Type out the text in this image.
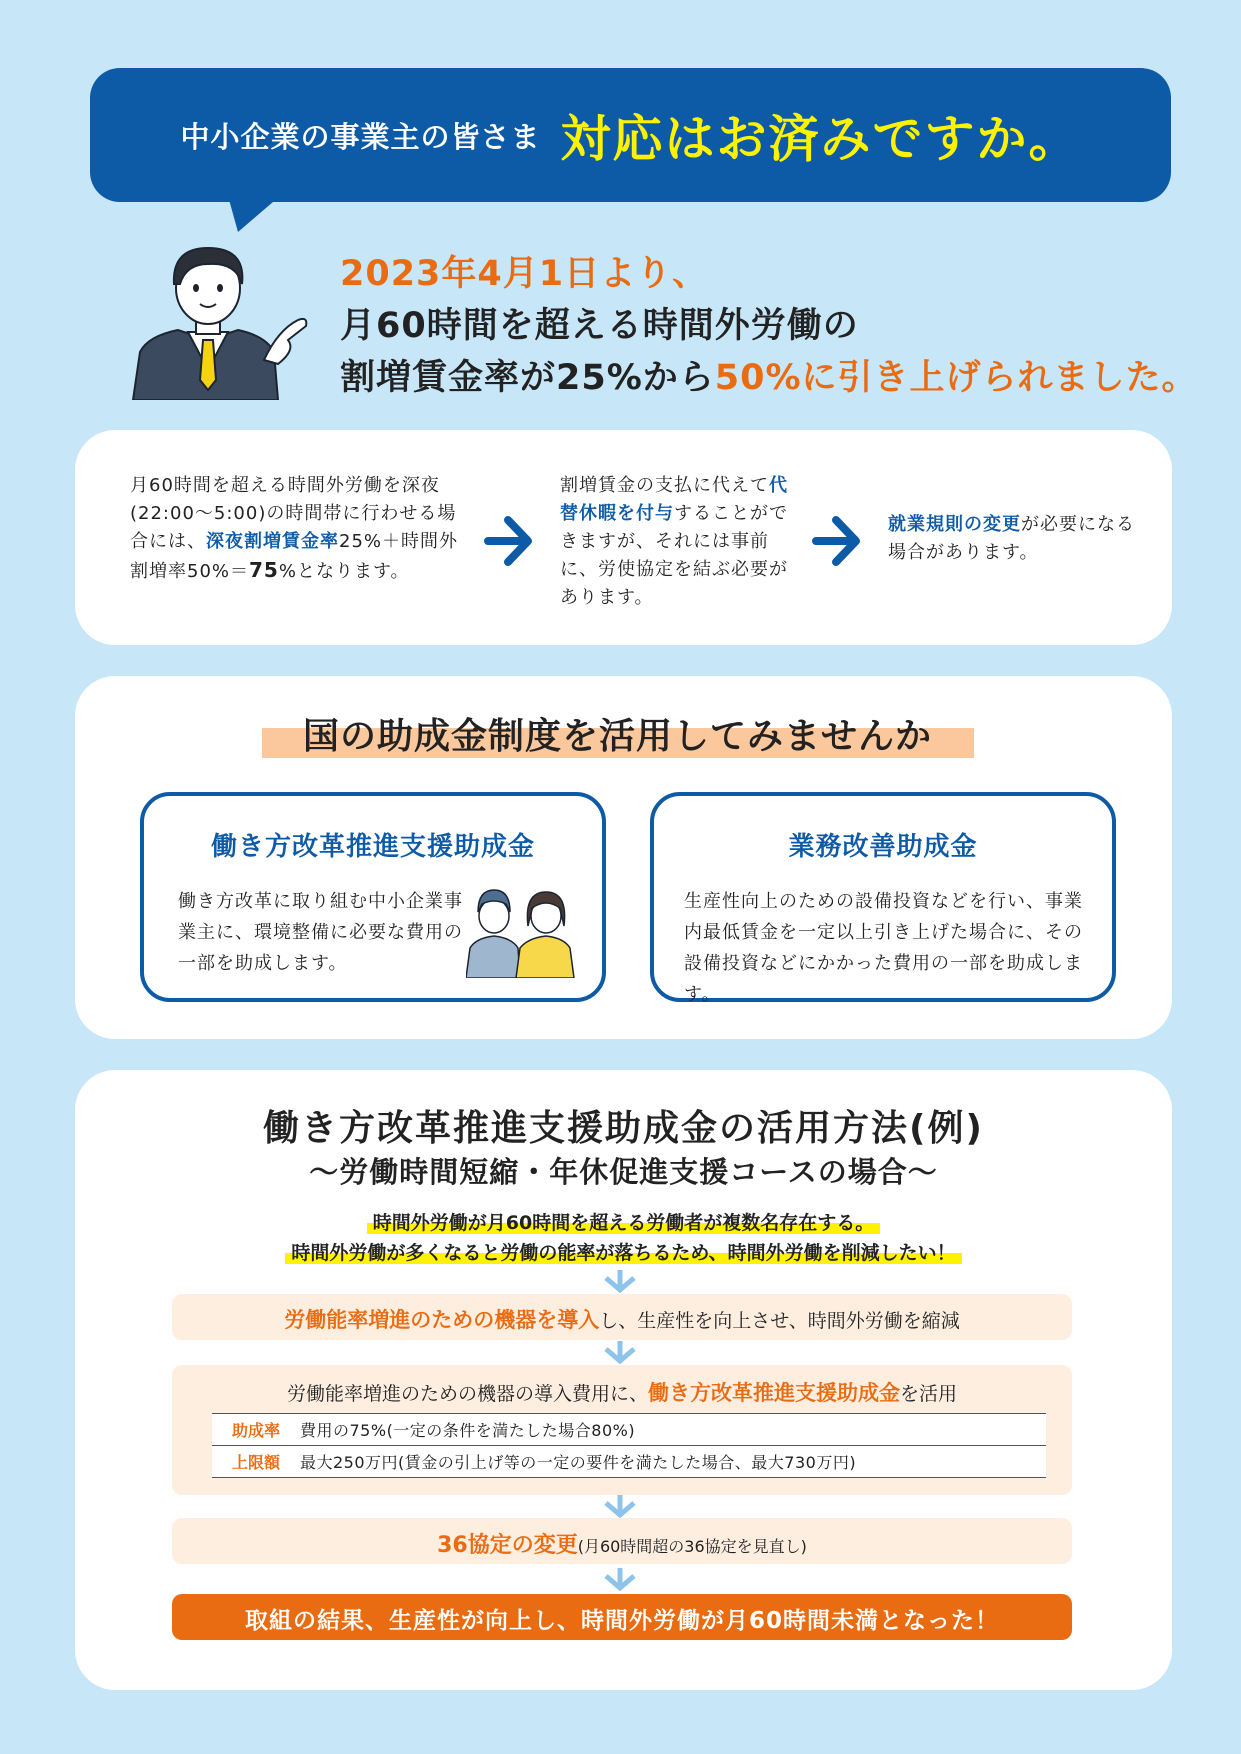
中小企業の事業主の皆さま 対応はお済みですか。
2023年4月1日より、
月60時間を超える時間外労働の
割増賃金率が25%から50%に引き上げられました。
月60時間を超える時間外労働を深夜(22:00〜5:00)の時間帯に行わせる場合には、深夜割増賃金率25%＋時間外割増率50%＝75%となります。
割増賃金の支払に代えて代替休暇を付与することができますが、それには事前に、労使協定を結ぶ必要があります。
就業規則の変更が必要になる場合があります。
国の助成金制度を活用してみませんか
働き方改革推進支援助成金
働き方改革に取り組む中小企業事業主に、環境整備に必要な費用の一部を助成します。
業務改善助成金
生産性向上のための設備投資などを行い、事業内最低賃金を一定以上引き上げた場合に、その設備投資などにかかった費用の一部を助成します。
働き方改革推進支援助成金の活用方法(例)
〜労働時間短縮・年休促進支援コースの場合〜
時間外労働が月60時間を超える労働者が複数名存在する。
時間外労働が多くなると労働の能率が落ちるため、時間外労働を削減したい！
労働能率増進のための機器を導入し、生産性を向上させ、時間外労働を縮減
労働能率増進のための機器の導入費用に、働き方改革推進支援助成金を活用
助成率	費用の75%(一定の条件を満たした場合80%)
上限額	最大250万円(賃金の引上げ等の一定の要件を満たした場合、最大730万円)
36協定の変更(月60時間超の36協定を見直し)
取組の結果、生産性が向上し、時間外労働が月60時間未満となった！
